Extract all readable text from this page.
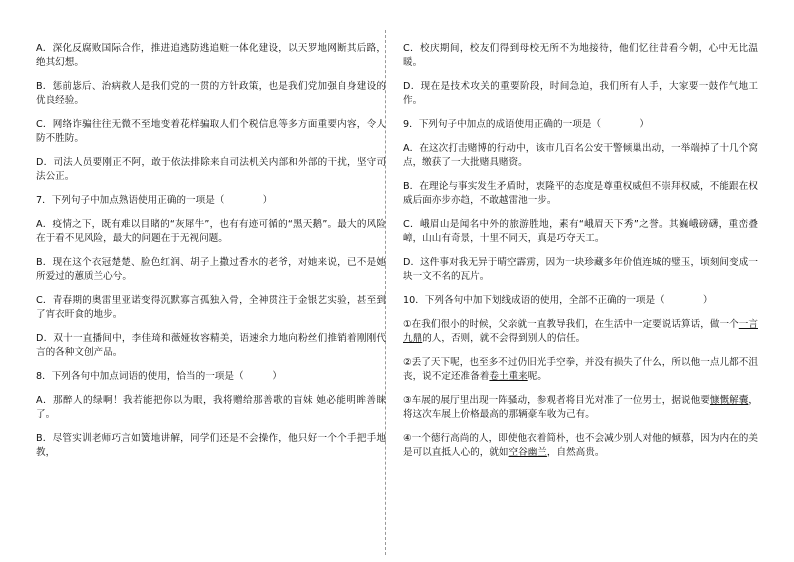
A．深化反腐败国际合作，推进追逃防逃追赃一体化建设，以天罗地网断其后路，绝其幻想。
B．惩前毖后、治病救人是我们党的一贯的方针政策，也是我们党加强自身建设的优良经验。
C．网络诈骗往往无微不至地变着花样骗取人们个税信息等多方面重要内容，令人防不胜防。
D．司法人员要刚正不阿，敢于依法排除来自司法机关内部和外部的干扰，坚守司法公正。
7．下列句子中加点熟语使用正确的一项是（　　　　）
A．疫情之下，既有难以目睹的“灰犀牛”，也有有迹可循的“黑天鹅”。最大的风险在于看不见风险，最大的问题在于无视问题。
B．现在这个衣冠楚楚、脸色红润、胡子上撒过香水的老爷，对她来说，已不是她所爱过的蕙质兰心兮。
C．青春期的奥雷里亚诺变得沉默寡言孤独入骨，全神贯注于金银艺实验，甚至到了宵衣旰食的地步。
D．双十一直播间中，李佳琦和薇娅妆容精美，语速余力地向粉丝们推销着刚刚代言的各种文创产品。
8．下列各句中加点词语的使用，恰当的一项是（　　　）
A．那醉人的绿啊！我若能把你以为眼，我将赠给那善歌的盲妹 她必能明眸善睐了。
B．尽管实训老师巧言如簧地讲解，同学们还是不会操作，他只好一个个手把手地教，
C．校庆期间，校友们得到母校无所不为地接待，他们忆往昔看今朝，心中无比温暖。
D．现在是技术攻关的重要阶段，时间急迫，我们所有人手，大家要一鼓作气地工作。
9．下列句子中加点的成语使用正确的一项是（　　　　）
A．在这次打击赌博的行动中，该市几百名公安干警倾巢出动，一举端掉了十几个窝点，缴获了一大批赌具赌资。
B．在理论与事实发生矛盾时，衷隆平的态度是尊重权威但不崇拜权威，不能跟在权威后面亦步亦趋，不敢越雷池一步。
C．峨眉山是闻名中外的旅游胜地，素有“峨眉天下秀”之誉。其巍峨磅礴，重峦叠嶂，山山有奇景，十里不同天，真是巧夺天工。
D．这件事对我无异于晴空霹雳，因为一块珍藏多年价值连城的璧玉，顷刻间变成一块一文不名的瓦片。
10．下列各句中加下划线成语的使用，全部不正确的一项是（　　　　）
①在我们很小的时候，父亲就一直教导我们，在生活中一定要说话算话，做一个一言九鼎的人，否则，就不会得到别人的信任。
②丢了天下呢，也至多不过仍旧光手空拳，并没有损失了什么，所以他一点儿都不沮丧，说不定还准备着卷土重来呢。
③车展的展厅里出现一阵骚动，参观者将目光对准了一位男士，据说他要慷慨解囊，将这次车展上价格最高的那辆豪车收为己有。
④一个德行高尚的人，即使他衣着简朴，也不会减少别人对他的倾慕，因为内在的美是可以直抵人心的，就如空谷幽兰，自然高贵。
